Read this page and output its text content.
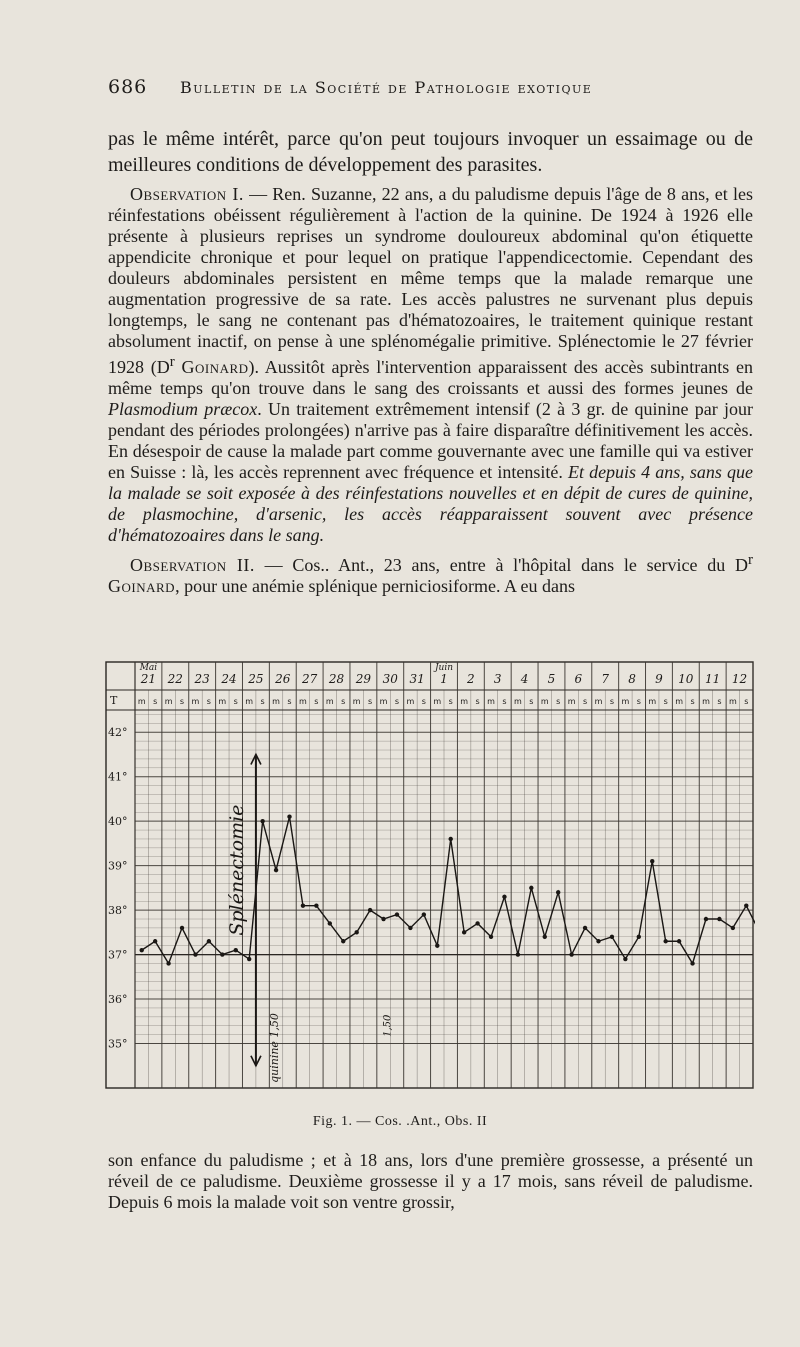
686	Bulletin de la Société de Pathologie exotique

pas le même intérêt, parce qu'on peut toujours invoquer un essaimage ou de meilleures conditions de développement des parasites.

Observation I. — Ren. Suzanne, 22 ans, a du paludisme depuis l'âge de 8 ans, et les réinfestations obéissent régulièrement à l'action de la quinine. De 1924 à 1926 elle présente à plusieurs reprises un syndrome douloureux abdominal qu'on étiquette appendicite chronique et pour lequel on pratique l'appendicectomie. Cependant des douleurs abdominales persistent en même temps que la malade remarque une augmentation progressive de sa rate. Les accès palustres ne survenant plus depuis longtemps, le sang ne contenant pas d'hématozoaires, le traitement quinique restant absolument inactif, on pense à une splénomégalie primitive. Splénectomie le 27 février 1928 ($D^r$ Goinard). Aussitôt après l'intervention apparaissent des accès subintrants en même temps qu'on trouve dans le sang des croissants et aussi des formes jeunes de Plasmodium præcox. Un traitement extrêmement intensif (2 à 3 gr. de quinine par jour pendant des périodes prolongées) n'arrive pas à faire disparaître définitivement les accès. En désespoir de cause la malade part comme gouvernante avec une famille qui va estiver en Suisse : là, les accès reprennent avec fréquence et intensité. Et depuis 4 ans, sans que la malade se soit exposée à des réinfestations nouvelles et en dépit de cures de quinine, de plasmochine, d'arsenic, les accès réapparaissent souvent avec présence d'hématozoaires dans le sang.

Observation II. — Cos.. Ant., 23 ans, entre à l'hôpital dans le service du $D^r$ Goinard, pour une anémie splénique perniciosiforme. A eu dans

42°
41°
40°
39°
38°
37°
36°
35°
T
21 22 23 24 25 26 27 28 29 30 31 1 2 3 4 5 6 7 8 9 10 11 12
Mai	Juin
m s m s m s m s m s m s m s m s m s m s m s m s m s m s m s m s m s m s m s m s m s m s m s
Splénectomie
quinine 1,50	1,50
Fig. 1. — Cos. .Ant., Obs. II

son enfance du paludisme ; et à 18 ans, lors d'une première grossesse, a présenté un réveil de ce paludisme. Deuxième grossesse il y a 17 mois, sans réveil de paludisme. Depuis 6 mois la malade voit son ventre grossir,
